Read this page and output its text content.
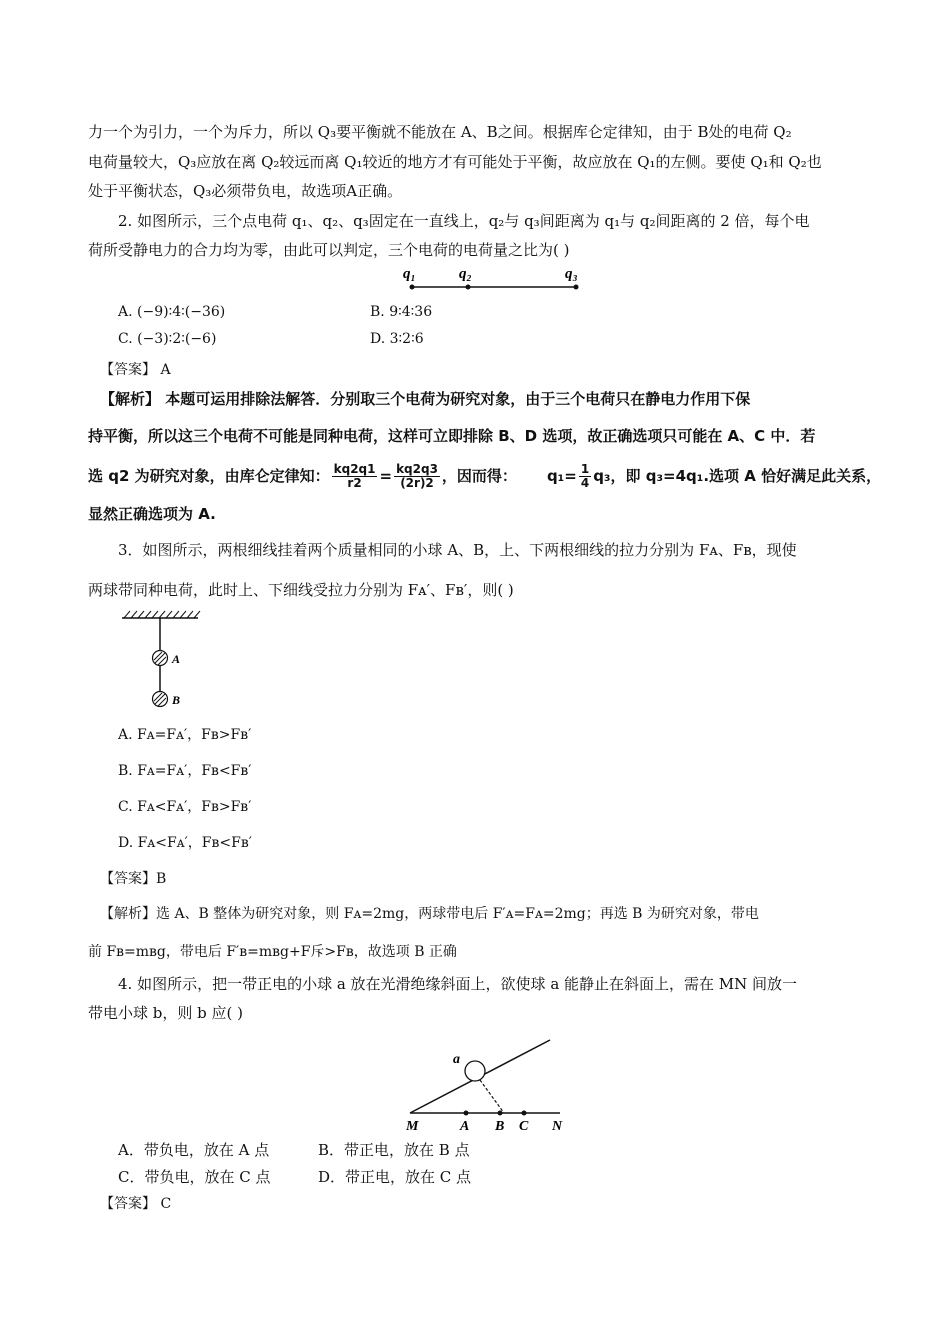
力一个为引力，一个为斥力，所以 Q₃要平衡就不能放在 A、B之间。根据库仑定律知，由于 B处的电荷 Q₂
电荷量较大，Q₃应放在离 Q₂较远而离 Q₁较近的地方才有可能处于平衡，故应放在 Q₁的左侧。要使 Q₁和 Q₂也
处于平衡状态，Q₃必须带负电，故选项A正确。
2. 如图所示，三个点电荷 q₁、q₂、q₃固定在一直线上，q₂与 q₃间距离为 q₁与 q₂间距离的 2 倍，每个电
荷所受静电力的合力均为零，由此可以判定，三个电荷的电荷量之比为( )
q₁	q₂	q₃
A. (−9)∶4∶(−36)	B. 9∶4∶36
C. (−3)∶2∶(−6)	D. 3∶2∶6
【答案】 A
【解析】 本题可运用排除法解答．分别取三个电荷为研究对象，由于三个电荷只在静电力作用下保
持平衡，所以这三个电荷不可能是同种电荷，这样可立即排除 B、D 选项，故正确选项只可能在 A、C 中．若
选 q2 为研究对象，由库仑定律知： $\frac{kq2q1}{r2} = \frac{kq2q3}{(2r)2}$ ，因而得： $q_1= \frac{1}{4} q_3$，即 q₃=4q₁.选项 A 恰好满足此关系，
显然正确选项为 A.
3．如图所示，两根细线挂着两个质量相同的小球 A、B，上、下两根细线的拉力分别为 Fᴀ、Fʙ，现使
两球带同种电荷，此时上、下细线受拉力分别为 Fᴀ′、Fʙ′，则( )
A
B
A. Fᴀ=Fᴀ′，Fʙ>Fʙ′
B. Fᴀ=Fᴀ′，Fʙ<Fʙ′
C. Fᴀ<Fᴀ′，Fʙ>Fʙ′
D. Fᴀ<Fᴀ′，Fʙ<Fʙ′
【答案】B
【解析】选 A、B 整体为研究对象，则 Fᴀ=2mg，两球带电后 F′ᴀ=Fᴀ=2mg；再选 B 为研究对象，带电
前 Fʙ=mʙg，带电后 F′ʙ=mʙg+F斥>Fʙ，故选项 B 正确
4. 如图所示，把一带正电的小球 a 放在光滑绝缘斜面上，欲使球 a 能静止在斜面上，需在 MN 间放一
带电小球 b，则 b 应( )
a
M	A B C N
A．带负电，放在 A 点	B．带正电，放在 B 点
C．带负电，放在 C 点	D．带正电，放在 C 点
【答案】 C
